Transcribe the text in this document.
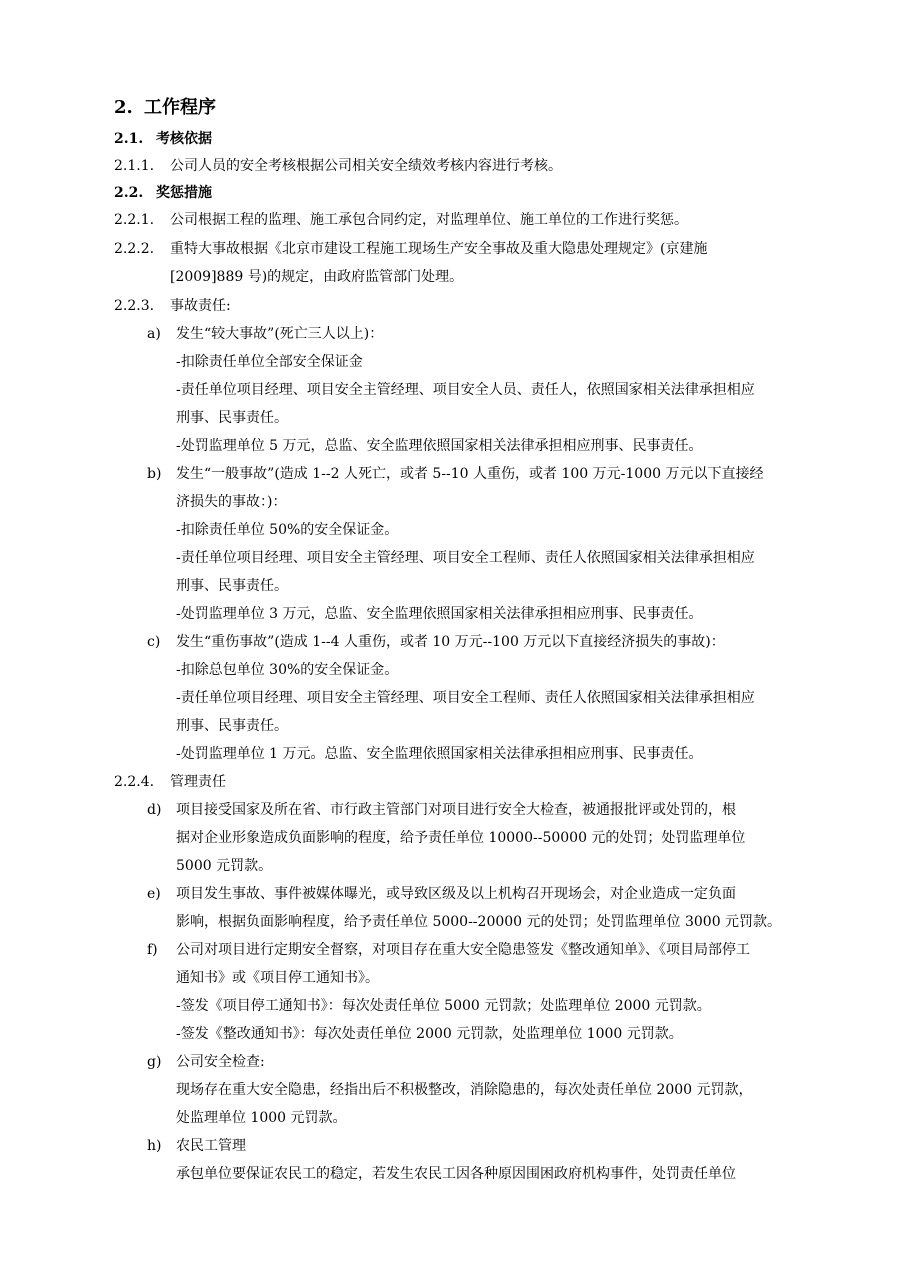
2. 工作程序
2.1. 考核依据
2.1.1. 公司人员的安全考核根据公司相关安全绩效考核内容进行考核。
2.2. 奖惩措施
2.2.1. 公司根据工程的监理、施工承包合同约定，对监理单位、施工单位的工作进行奖惩。
2.2.2. 重特大事故根据《北京市建设工程施工现场生产安全事故及重大隐患处理规定》(京建施
[2009]889 号)的规定，由政府监管部门处理。
2.2.3. 事故责任:
a) 发生“较大事故”(死亡三人以上)：
-扣除责任单位全部安全保证金
-责任单位项目经理、项目安全主管经理、项目安全人员、责任人，依照国家相关法律承担相应
刑事、民事责任。
-处罚监理单位 5 万元，总监、安全监理依照国家相关法律承担相应刑事、民事责任。
b) 发生“一般事故”(造成 1--2 人死亡，或者 5--10 人重伤，或者 100 万元-1000 万元以下直接经
济损失的事故：)：
-扣除责任单位 50%的安全保证金。
-责任单位项目经理、项目安全主管经理、项目安全工程师、责任人依照国家相关法律承担相应
刑事、民事责任。
-处罚监理单位 3 万元，总监、安全监理依照国家相关法律承担相应刑事、民事责任。
c) 发生“重伤事故”(造成 1--4 人重伤，或者 10 万元--100 万元以下直接经济损失的事故)：
-扣除总包单位 30%的安全保证金。
-责任单位项目经理、项目安全主管经理、项目安全工程师、责任人依照国家相关法律承担相应
刑事、民事责任。
-处罚监理单位 1 万元。总监、安全监理依照国家相关法律承担相应刑事、民事责任。
2.2.4. 管理责任
d) 项目接受国家及所在省、市行政主管部门对项目进行安全大检查，被通报批评或处罚的，根
据对企业形象造成负面影响的程度，给予责任单位 10000--50000 元的处罚；处罚监理单位
5000 元罚款。
e) 项目发生事故、事件被媒体曝光，或导致区级及以上机构召开现场会，对企业造成一定负面
影响，根据负面影响程度，给予责任单位 5000--20000 元的处罚；处罚监理单位 3000 元罚款。
f) 公司对项目进行定期安全督察，对项目存在重大安全隐患签发《整改通知单》、《项目局部停工
通知书》或《项目停工通知书》。
-签发《项目停工通知书》：每次处责任单位 5000 元罚款；处监理单位 2000 元罚款。
-签发《整改通知书》：每次处责任单位 2000 元罚款，处监理单位 1000 元罚款。
g) 公司安全检查:
现场存在重大安全隐患，经指出后不积极整改，消除隐患的，每次处责任单位 2000 元罚款，
处监理单位 1000 元罚款。
h) 农民工管理
承包单位要保证农民工的稳定，若发生农民工因各种原因围困政府机构事件，处罚责任单位
